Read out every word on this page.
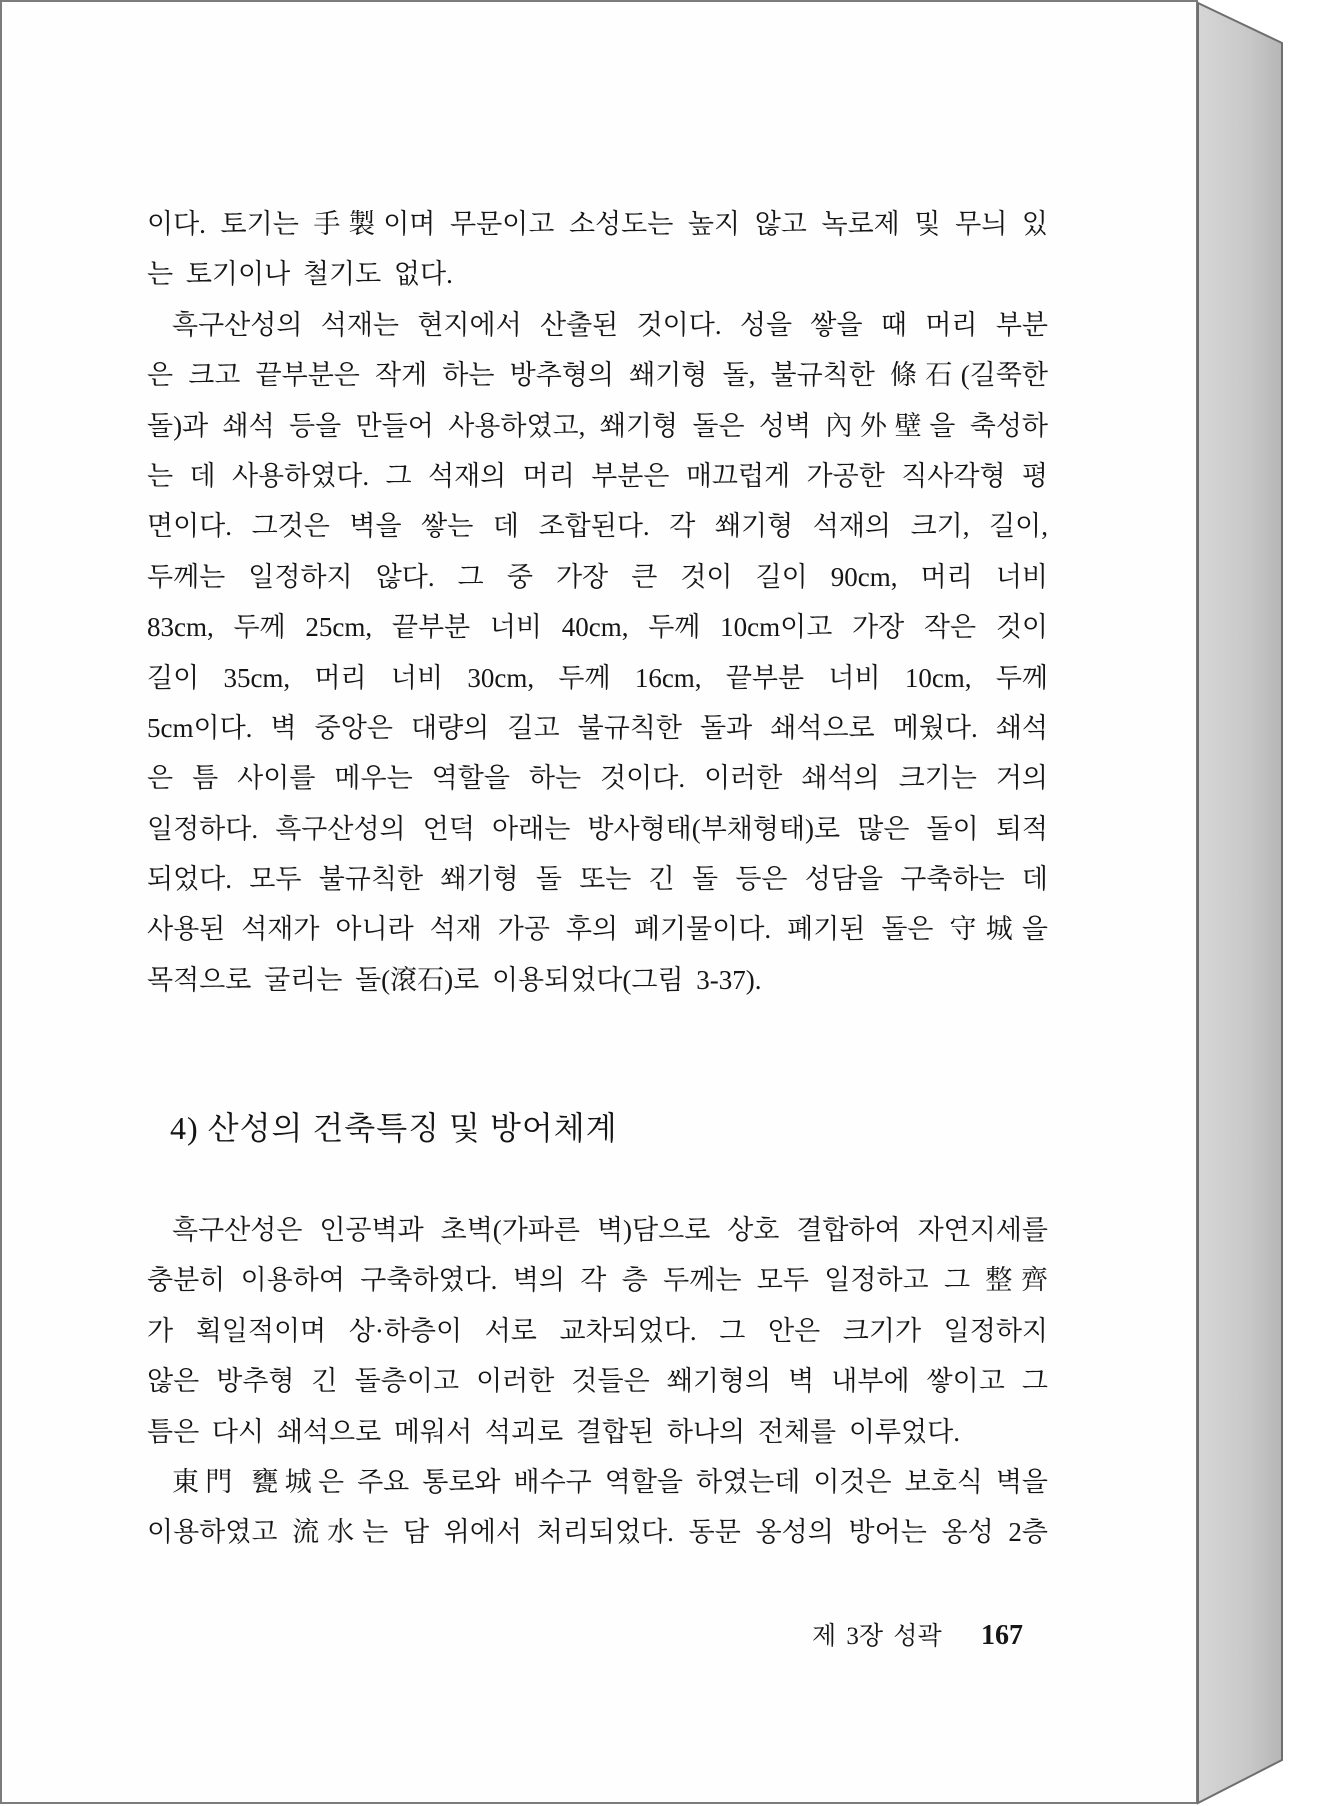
이다. 토기는 手製이며 무문이고 소성도는 높지 않고 녹로제 및 무늬 있
는 토기이나 철기도 없다.
흑구산성의 석재는 현지에서 산출된 것이다. 성을 쌓을 때 머리 부분
은 크고 끝부분은 작게 하는 방추형의 쐐기형 돌, 불규칙한 條石(길쭉한
돌)과 쇄석 등을 만들어 사용하였고, 쐐기형 돌은 성벽 內外壁을 축성하
는 데 사용하였다. 그 석재의 머리 부분은 매끄럽게 가공한 직사각형 평
면이다. 그것은 벽을 쌓는 데 조합된다. 각 쐐기형 석재의 크기, 길이,
두께는 일정하지 않다. 그 중 가장 큰 것이 길이 90cm, 머리 너비
83cm, 두께 25cm, 끝부분 너비 40cm, 두께 10cm이고 가장 작은 것이
길이 35cm, 머리 너비 30cm, 두께 16cm, 끝부분 너비 10cm, 두께
5cm이다. 벽 중앙은 대량의 길고 불규칙한 돌과 쇄석으로 메웠다. 쇄석
은 틈 사이를 메우는 역할을 하는 것이다. 이러한 쇄석의 크기는 거의
일정하다. 흑구산성의 언덕 아래는 방사형태(부채형태)로 많은 돌이 퇴적
되었다. 모두 불규칙한 쐐기형 돌 또는 긴 돌 등은 성담을 구축하는 데
사용된 석재가 아니라 석재 가공 후의 폐기물이다. 폐기된 돌은 守城을
목적으로 굴리는 돌(滾石)로 이용되었다(그림 3-37).
4) 산성의 건축특징 및 방어체계
흑구산성은 인공벽과 초벽(가파른 벽)담으로 상호 결합하여 자연지세를
충분히 이용하여 구축하였다. 벽의 각 층 두께는 모두 일정하고 그 整齊
가 획일적이며 상·하층이 서로 교차되었다. 그 안은 크기가 일정하지
않은 방추형 긴 돌층이고 이러한 것들은 쐐기형의 벽 내부에 쌓이고 그
틈은 다시 쇄석으로 메워서 석괴로 결합된 하나의 전체를 이루었다.
東門 甕城은 주요 통로와 배수구 역할을 하였는데 이것은 보호식 벽을
이용하였고 流水는 담 위에서 처리되었다. 동문 옹성의 방어는 옹성 2층
제 3장 성곽 167
